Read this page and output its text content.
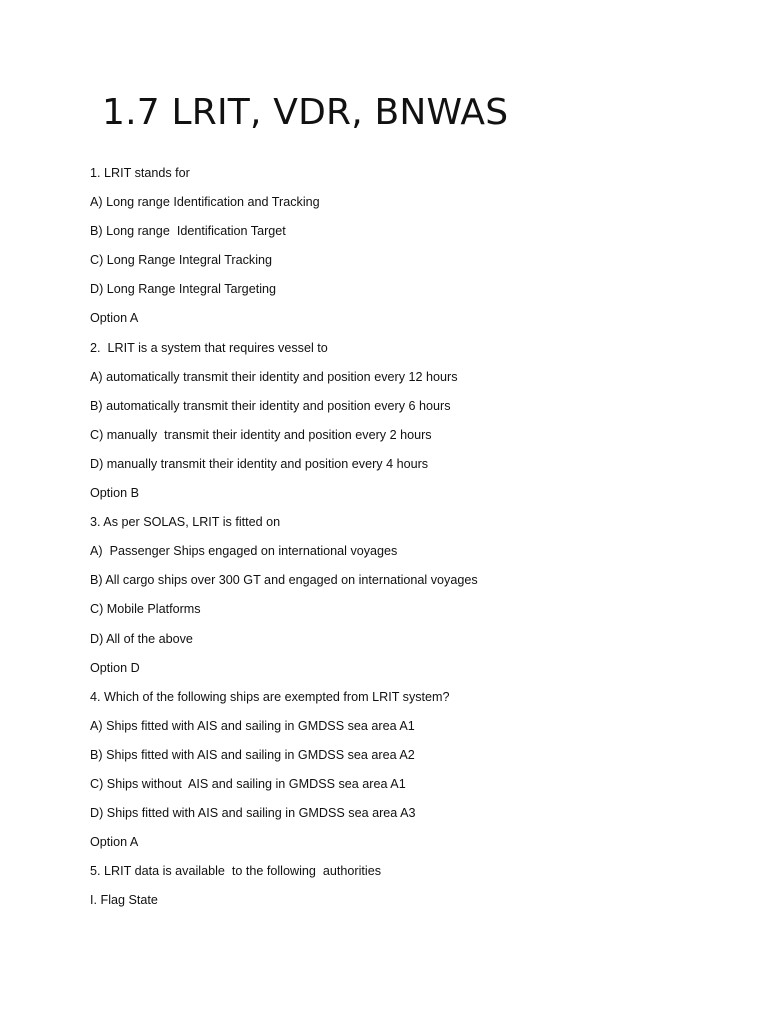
1.7 LRIT, VDR, BNWAS
1. LRIT stands for
A) Long range Identification and Tracking
B) Long range  Identification Target
C) Long Range Integral Tracking
D) Long Range Integral Targeting
Option A
2.  LRIT is a system that requires vessel to
A) automatically transmit their identity and position every 12 hours
B) automatically transmit their identity and position every 6 hours
C) manually  transmit their identity and position every 2 hours
D) manually transmit their identity and position every 4 hours
Option B
3. As per SOLAS, LRIT is fitted on
A)  Passenger Ships engaged on international voyages
B) All cargo ships over 300 GT and engaged on international voyages
C) Mobile Platforms
D) All of the above
Option D
4. Which of the following ships are exempted from LRIT system?
A) Ships fitted with AIS and sailing in GMDSS sea area A1
B) Ships fitted with AIS and sailing in GMDSS sea area A2
C) Ships without  AIS and sailing in GMDSS sea area A1
D) Ships fitted with AIS and sailing in GMDSS sea area A3
Option A
5. LRIT data is available  to the following  authorities
I. Flag State
